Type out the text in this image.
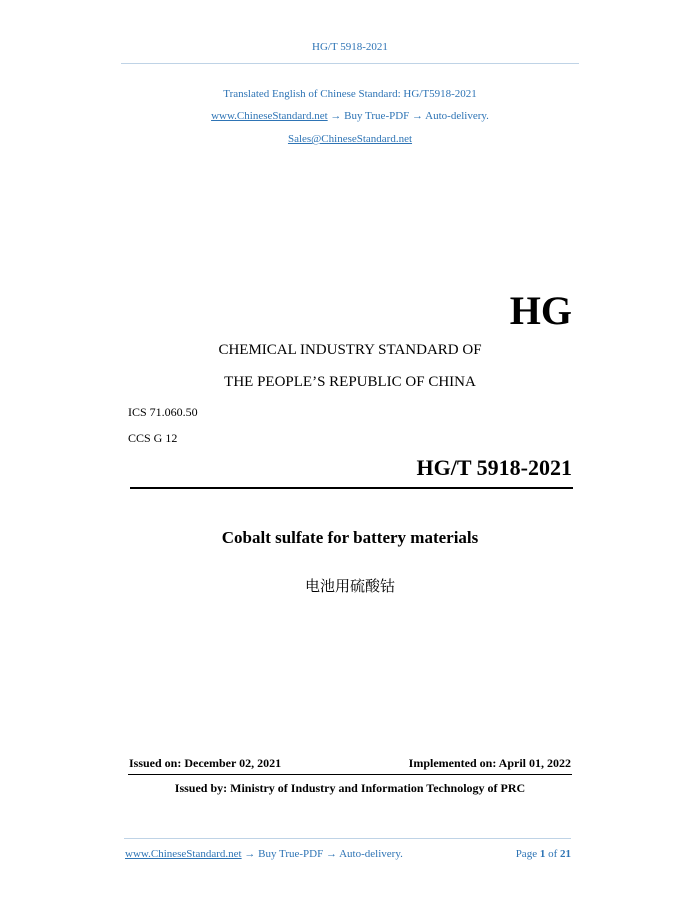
HG/T 5918-2021
Translated English of Chinese Standard: HG/T5918-2021
www.ChineseStandard.net → Buy True-PDF → Auto-delivery.
Sales@ChineseStandard.net
HG
CHEMICAL INDUSTRY STANDARD OF
THE PEOPLE’S REPUBLIC OF CHINA
ICS 71.060.50
CCS G 12
HG/T 5918-2021
Cobalt sulfate for battery materials
电池用硫酸钴
Issued on: December 02, 2021	Implemented on: April 01, 2022
Issued by: Ministry of Industry and Information Technology of PRC
www.ChineseStandard.net → Buy True-PDF → Auto-delivery.	Page 1 of 21
